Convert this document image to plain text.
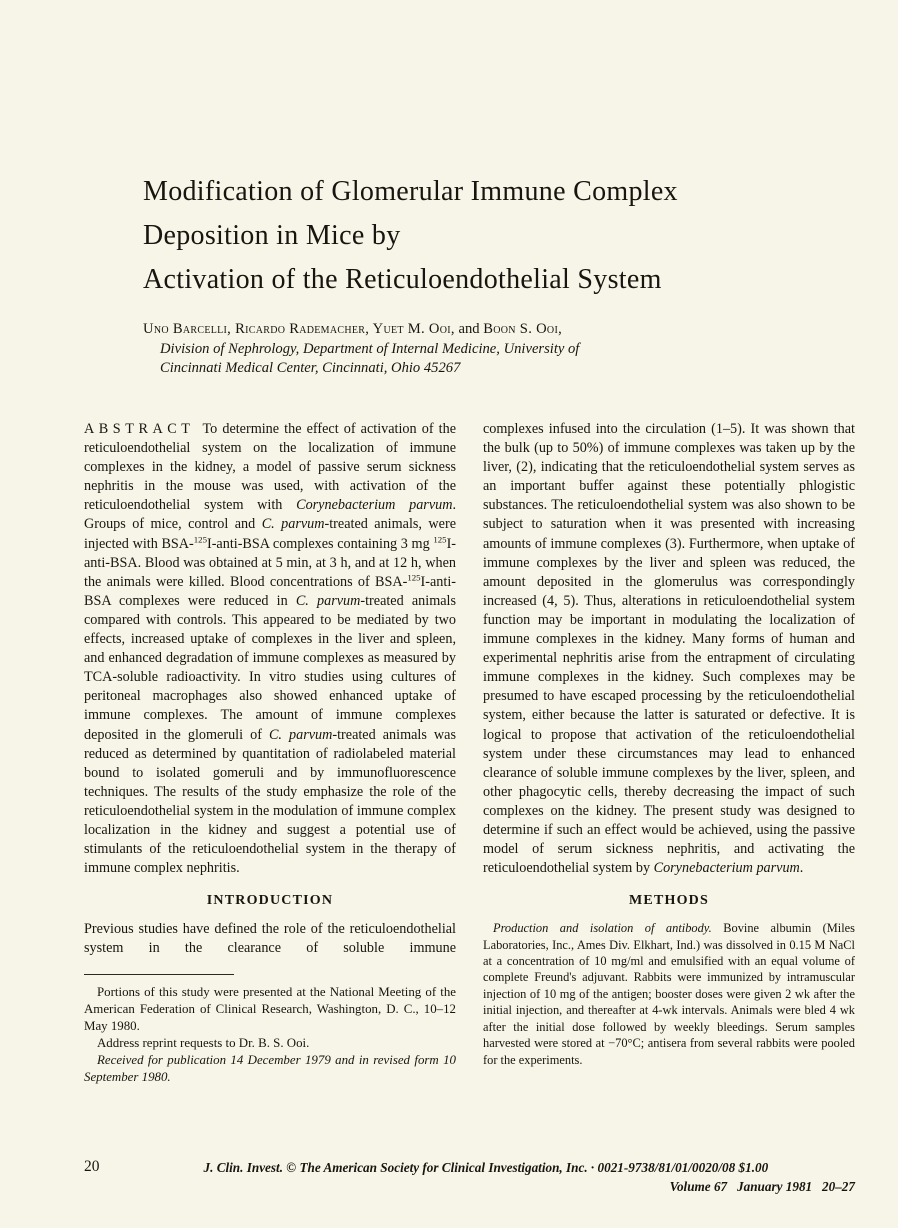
Modification of Glomerular Immune Complex
Deposition in Mice by
Activation of the Reticuloendothelial System

Uno Barcelli, Ricardo Rademacher, Yuet M. Ooi, and Boon S. Ooi,

Division of Nephrology, Department of Internal Medicine, University of
Cincinnati Medical Center, Cincinnati, Ohio 45267

ABSTRACT To determine the effect of activation of the reticuloendothelial system on the localization of immune complexes in the kidney, a model of passive serum sickness nephritis in the mouse was used, with activation of the reticuloendothelial system with Corynebacterium parvum. Groups of mice, control and C. parvum-treated animals, were injected with BSA-$^{125}$I-anti-BSA complexes containing 3 mg $^{125}$I-anti-BSA. Blood was obtained at 5 min, at 3 h, and at 12 h, when the animals were killed. Blood concentrations of BSA-$^{125}$I-anti-BSA complexes were reduced in C. parvum-treated animals compared with controls. This appeared to be mediated by two effects, increased uptake of complexes in the liver and spleen, and enhanced degradation of immune complexes as measured by TCA-soluble radioactivity. In vitro studies using cultures of peritoneal macrophages also showed enhanced uptake of immune complexes. The amount of immune complexes deposited in the glomeruli of C. parvum-treated animals was reduced as determined by quantitation of radiolabeled material bound to isolated gomeruli and by immunofluorescence techniques. The results of the study emphasize the role of the reticuloendothelial system in the modulation of immune complex localization in the kidney and suggest a potential use of stimulants of the reticuloendothelial system in the therapy of immune complex nephritis.

INTRODUCTION

Previous studies have defined the role of the reticuloendothelial system in the clearance of soluble immune

Portions of this study were presented at the National Meeting of the American Federation of Clinical Research, Washington, D. C., 10–12 May 1980.

Address reprint requests to Dr. B. S. Ooi.

Received for publication 14 December 1979 and in revised form 10 September 1980.

complexes infused into the circulation (1–5). It was shown that the bulk (up to 50%) of immune complexes was taken up by the liver, (2), indicating that the reticuloendothelial system serves as an important buffer against these potentially phlogistic substances. The reticuloendothelial system was also shown to be subject to saturation when it was presented with increasing amounts of immune complexes (3). Furthermore, when uptake of immune complexes by the liver and spleen was reduced, the amount deposited in the glomerulus was correspondingly increased (4, 5). Thus, alterations in reticuloendothelial system function may be important in modulating the localization of immune complexes in the kidney. Many forms of human and experimental nephritis arise from the entrapment of circulating immune complexes in the kidney. Such complexes may be presumed to have escaped processing by the reticuloendothelial system, either because the latter is saturated or defective. It is logical to propose that activation of the reticuloendothelial system under these circumstances may lead to enhanced clearance of soluble immune complexes by the liver, spleen, and other phagocytic cells, thereby decreasing the impact of such complexes on the kidney. The present study was designed to determine if such an effect would be achieved, using the passive model of serum sickness nephritis, and activating the reticuloendothelial system by Corynebacterium parvum.

METHODS

Production and isolation of antibody. Bovine albumin (Miles Laboratories, Inc., Ames Div. Elkhart, Ind.) was dissolved in 0.15 M NaCl at a concentration of 10 mg/ml and emulsified with an equal volume of complete Freund's adjuvant. Rabbits were immunized by intramuscular injection of 10 mg of the antigen; booster doses were given 2 wk after the initial injection, and thereafter at 4-wk intervals. Animals were bled 4 wk after the initial dose followed by weekly bleedings. Serum samples harvested were stored at −70°C; antisera from several rabbits were pooled for the experiments.

20	J. Clin. Invest. © The American Society for Clinical Investigation, Inc. · 0021-9738/81/01/0020/08 $1.00
Volume 67   January 1981   20–27
